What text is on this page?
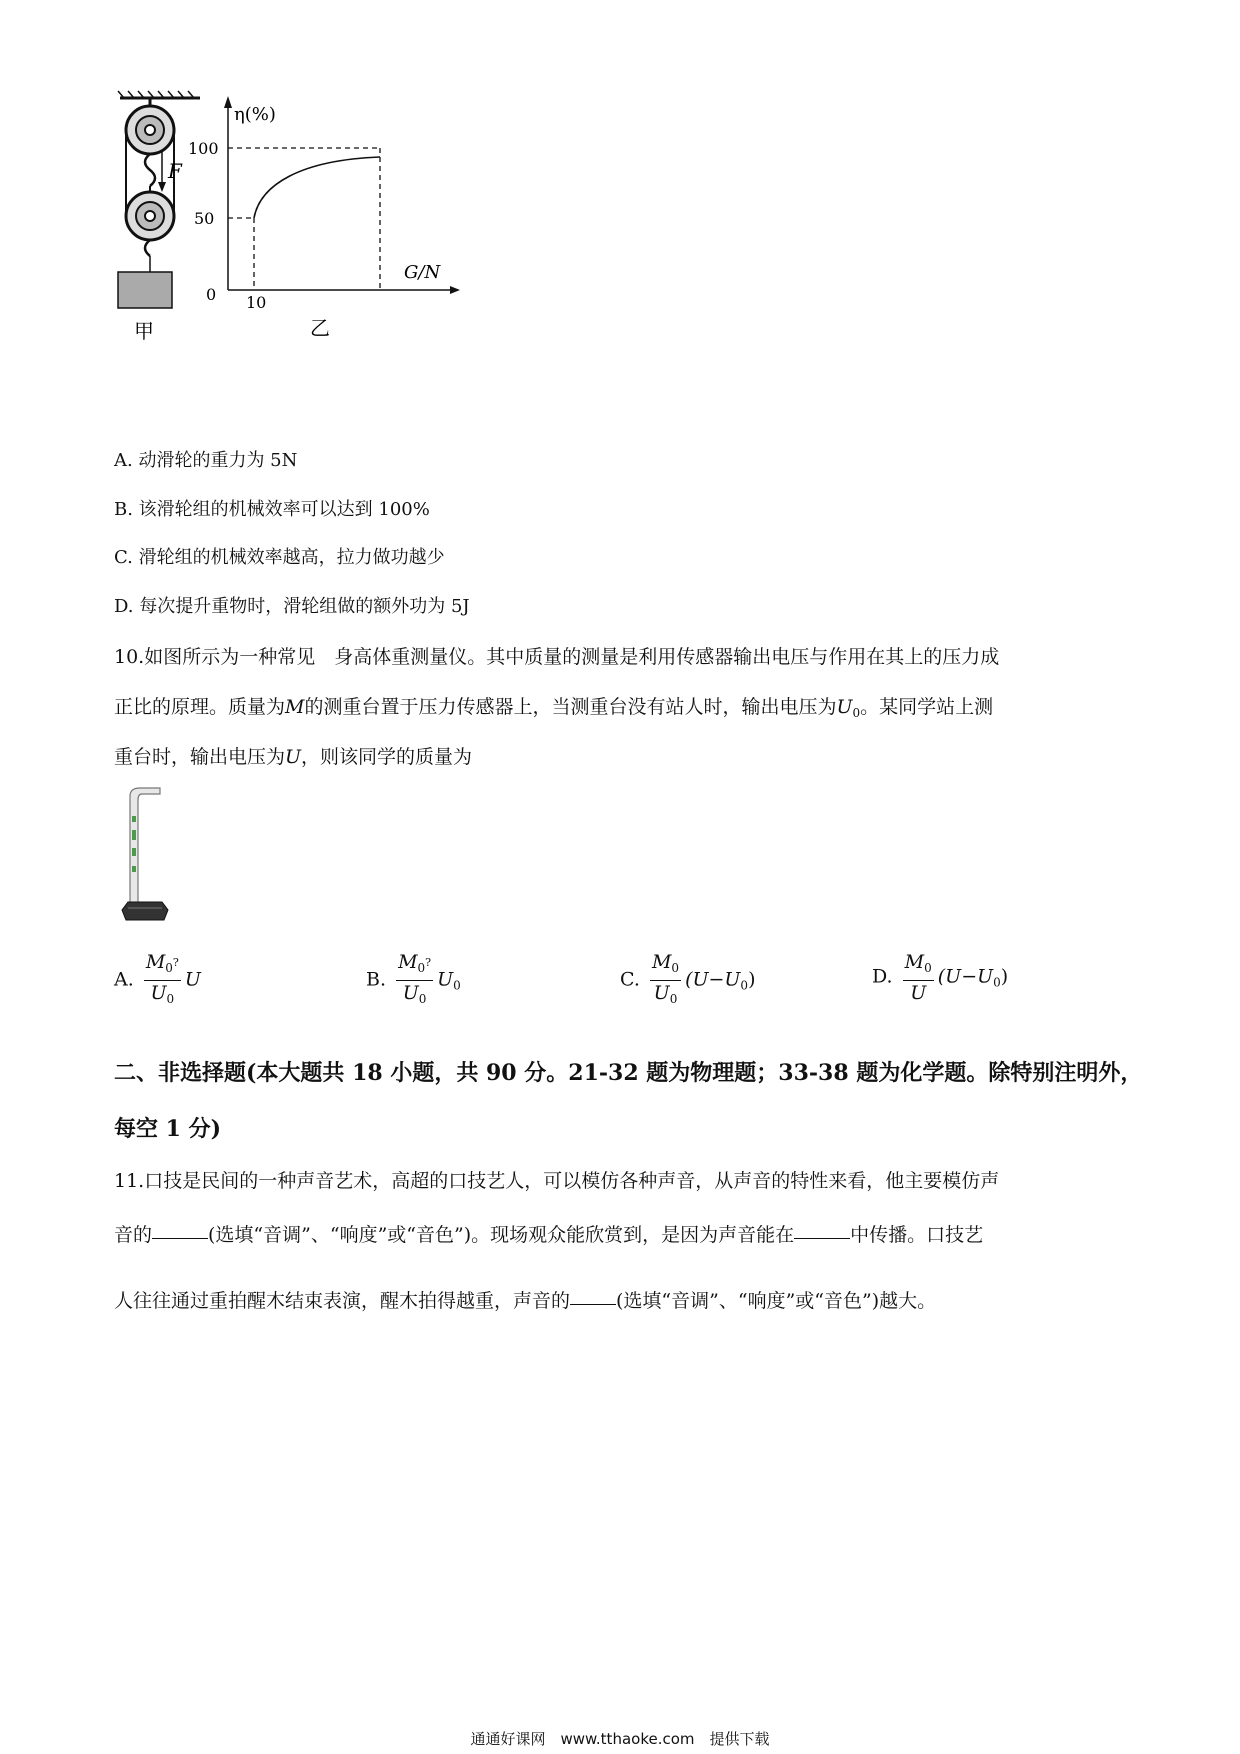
F
甲
η(%)
G/N
100
50
0 10
乙
A. 动滑轮的重力为 5N
B. 该滑轮组的机械效率可以达到 100%
C. 滑轮组的机械效率越高，拉力做功越少
D. 每次提升重物时，滑轮组做的额外功为 5J
10.如图所示为一种常见　身高体重测量仪。其中质量的测量是利用传感器输出电压与作用在其上的压力成
正比的原理。质量为M的测重台置于压力传感器上，当测重台没有站人时，输出电压为$U_0$。某同学站上测
重台时，输出电压为U，则该同学的质量为
A. $\frac{M_0?}{U_0}$ U	B. $\frac{M_0?}{U_0} U_0$	C. $\frac{M_0}{U_0} (U-U_0)$	D. $\frac{M_0}{U} (U-U_0)$
二、非选择题(本大题共 18 小题，共 90 分。21-32 题为物理题；33-38 题为化学题。除特别注明外，
每空 1 分)
11.口技是民间的一种声音艺术，高超的口技艺人，可以模仿各种声音，从声音的特性来看，他主要模仿声
音的	(选填“音调”、“响度”或“音色”)。现场观众能欣赏到，是因为声音能在	中传播。口技艺
人往往通过重拍醒木结束表演，醒木拍得越重，声音的 (选填“音调”、“响度”或“音色”)越大。
通通好课网　www.tthaoke.com　提供下载
